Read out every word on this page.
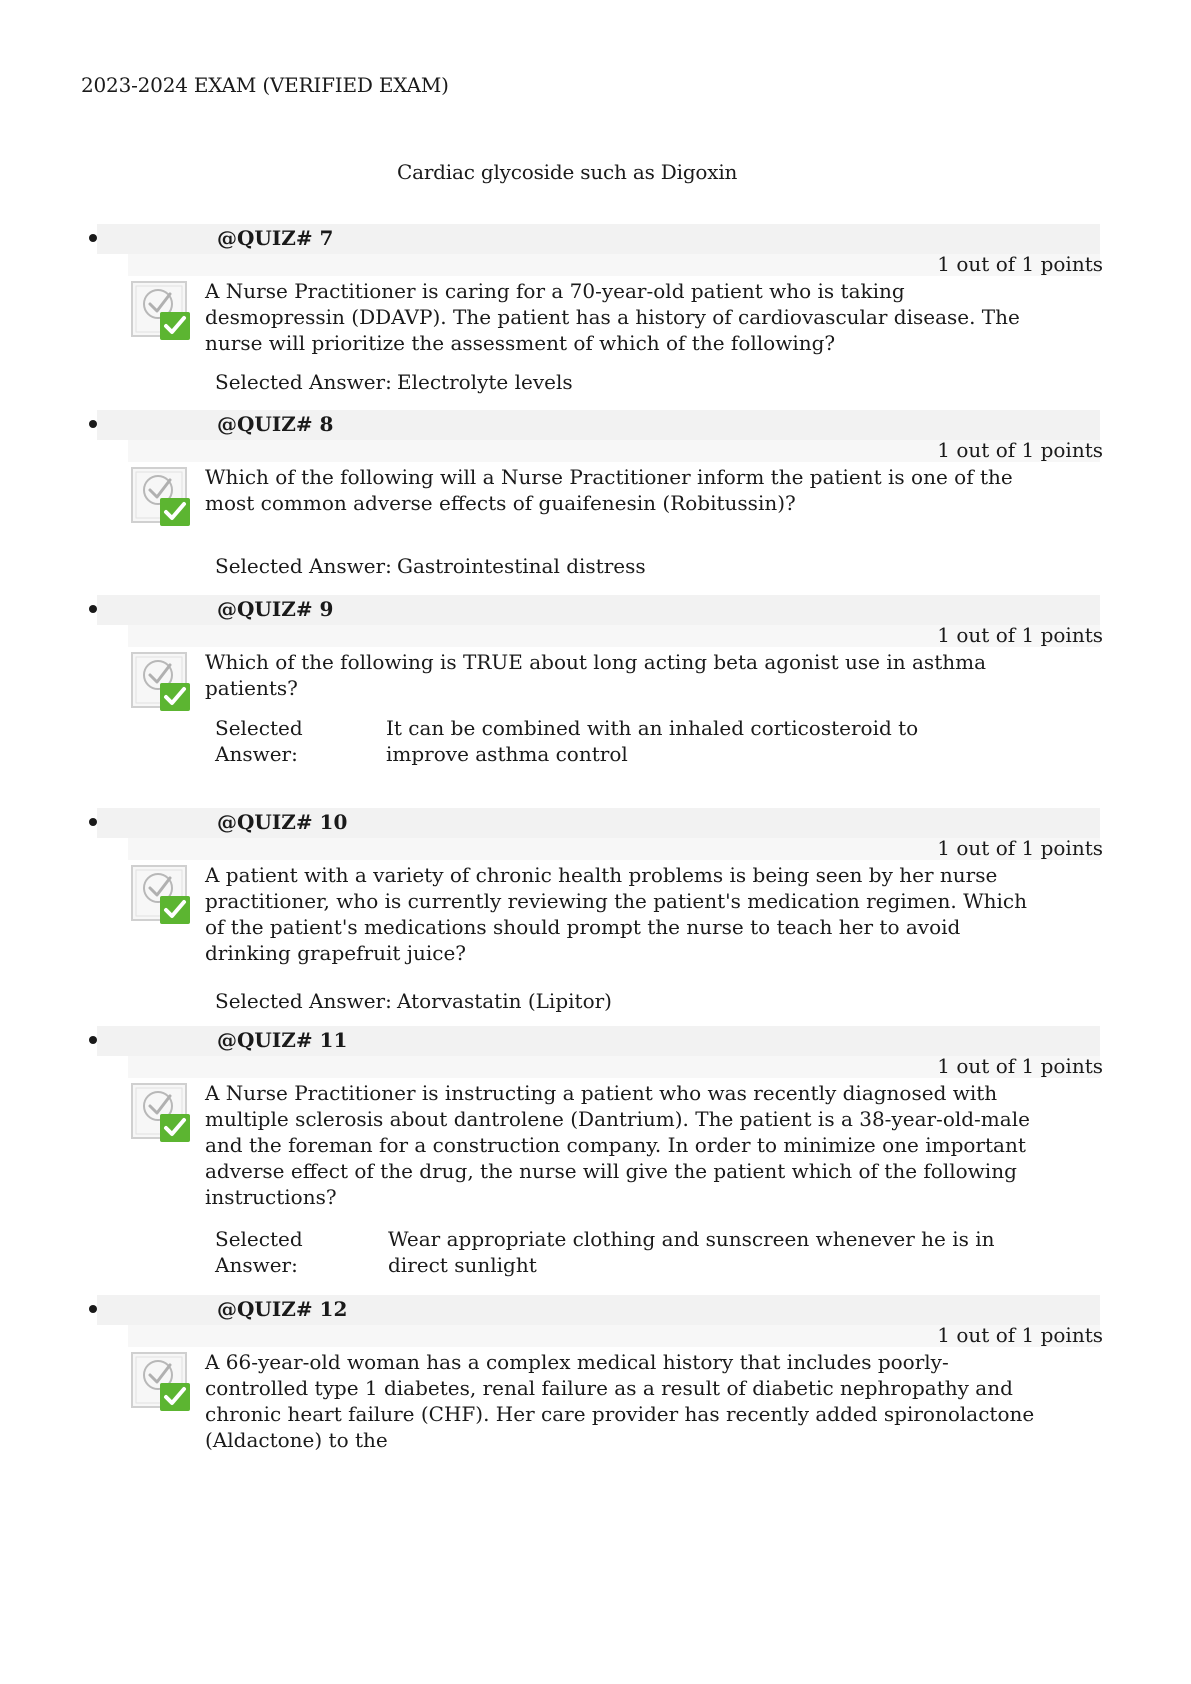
2023-2024 EXAM (VERIFIED EXAM)
Cardiac glycoside such as Digoxin
@QUIZ# 7
1 out of 1 points
A Nurse Practitioner is caring for a 70-year-old patient who is taking desmopressin (DDAVP). The patient has a history of cardiovascular disease. The nurse will prioritize the assessment of which of the following?
Selected Answer: Electrolyte levels
@QUIZ# 8
1 out of 1 points
Which of the following will a Nurse Practitioner inform the patient is one of the most common adverse effects of guaifenesin (Robitussin)?
Selected Answer: Gastrointestinal distress
@QUIZ# 9
1 out of 1 points
Which of the following is TRUE about long acting beta agonist use in asthma patients?
Selected
Answer:
It can be combined with an inhaled corticosteroid to improve asthma control
@QUIZ# 10
1 out of 1 points
A patient with a variety of chronic health problems is being seen by her nurse practitioner, who is currently reviewing the patient's medication regimen. Which of the patient's medications should prompt the nurse to teach her to avoid drinking grapefruit juice?
Selected Answer: Atorvastatin (Lipitor)
@QUIZ# 11
1 out of 1 points
A Nurse Practitioner is instructing a patient who was recently diagnosed with multiple sclerosis about dantrolene (Dantrium). The patient is a 38-year-old-male and the foreman for a construction company. In order to minimize one important adverse effect of the drug, the nurse will give the patient which of the following instructions?
Selected
Answer:
Wear appropriate clothing and sunscreen whenever he is in direct sunlight
@QUIZ# 12
1 out of 1 points
A 66-year-old woman has a complex medical history that includes poorly-controlled type 1 diabetes, renal failure as a result of diabetic nephropathy and chronic heart failure (CHF). Her care provider has recently added spironolactone (Aldactone) to the
